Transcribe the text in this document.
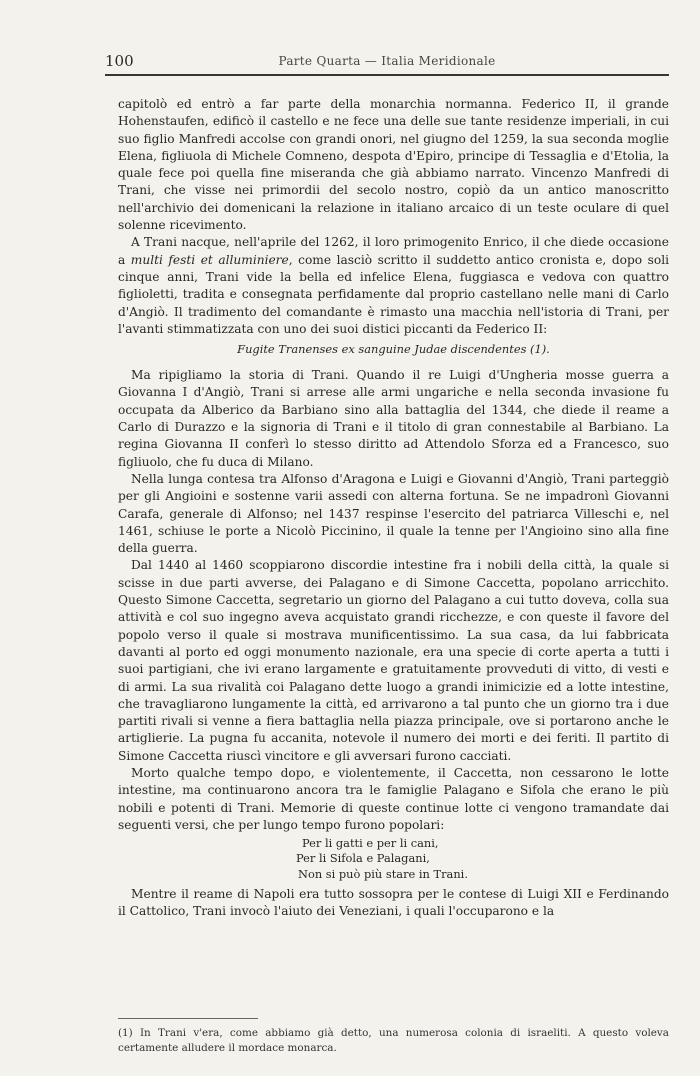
100	Parte Quarta — Italia Meridionale

capitolò ed entrò a far parte della monarchia normanna. Federico II, il grande Hohenstaufen, edificò il castello e ne fece una delle sue tante residenze imperiali, in cui suo figlio Manfredi accolse con grandi onori, nel giugno del 1259, la sua seconda moglie Elena, figliuola di Michele Comneno, despota d'Epiro, principe di Tessaglia e d'Etolia, la quale fece poi quella fine miseranda che già abbiamo narrato. Vincenzo Manfredi di Trani, che visse nei primordii del secolo nostro, copiò da un antico manoscritto nell'archivio dei domenicani la relazione in italiano arcaico di un teste oculare di quel solenne ricevimento.

A Trani nacque, nell'aprile del 1262, il loro primogenito Enrico, il che diede occasione a multi festi et alluminiere, come lasciò scritto il suddetto antico cronista e, dopo soli cinque anni, Trani vide la bella ed infelice Elena, fuggiasca e vedova con quattro figlioletti, tradita e consegnata perfidamente dal proprio castellano nelle mani di Carlo d'Angiò. Il tradimento del comandante è rimasto una macchia nell'istoria di Trani, per l'avanti stimmatizzata con uno dei suoi distici piccanti da Federico II:

Fugite Tranenses ex sanguine Judae discendentes (1).

Ma ripigliamo la storia di Trani. Quando il re Luigi d'Ungheria mosse guerra a Giovanna I d'Angiò, Trani si arrese alle armi ungariche e nella seconda invasione fu occupata da Alberico da Barbiano sino alla battaglia del 1344, che diede il reame a Carlo di Durazzo e la signoria di Trani e il titolo di gran connestabile al Barbiano. La regina Giovanna II conferì lo stesso diritto ad Attendolo Sforza ed a Francesco, suo figliuolo, che fu duca di Milano.

Nella lunga contesa tra Alfonso d'Aragona e Luigi e Giovanni d'Angiò, Trani parteggiò per gli Angioini e sostenne varii assedi con alterna fortuna. Se ne impadronì Giovanni Carafa, generale di Alfonso; nel 1437 respinse l'esercito del patriarca Villeschi e, nel 1461, schiuse le porte a Nicolò Piccinino, il quale la tenne per l'Angioino sino alla fine della guerra.

Dal 1440 al 1460 scoppiarono discordie intestine fra i nobili della città, la quale si scisse in due parti avverse, dei Palagano e di Simone Caccetta, popolano arricchito. Questo Simone Caccetta, segretario un giorno del Palagano a cui tutto doveva, colla sua attività e col suo ingegno aveva acquistato grandi ricchezze, e con queste il favore del popolo verso il quale si mostrava munificentissimo. La sua casa, da lui fabbricata davanti al porto ed oggi monumento nazionale, era una specie di corte aperta a tutti i suoi partigiani, che ivi erano largamente e gratuitamente provveduti di vitto, di vesti e di armi. La sua rivalità coi Palagano dette luogo a grandi inimicizie ed a lotte intestine, che travagliarono lungamente la città, ed arrivarono a tal punto che un giorno tra i due partiti rivali si venne a fiera battaglia nella piazza principale, ove si portarono anche le artiglierie. La pugna fu accanita, notevole il numero dei morti e dei feriti. Il partito di Simone Caccetta riuscì vincitore e gli avversari furono cacciati.

Morto qualche tempo dopo, e violentemente, il Caccetta, non cessarono le lotte intestine, ma continuarono ancora tra le famiglie Palagano e Sifola che erano le più nobili e potenti di Trani. Memorie di queste continue lotte ci vengono tramandate dai seguenti versi, che per lungo tempo furono popolari:

Per li gatti e per li cani,
Per li Sifola e Palagani,
Non si può più stare in Trani.

Mentre il reame di Napoli era tutto sossopra per le contese di Luigi XII e Ferdinando il Cattolico, Trani invocò l'aiuto dei Veneziani, i quali l'occuparono e la

(1) In Trani v'era, come abbiamo già detto, una numerosa colonia di israeliti. A questo voleva certamente alludere il mordace monarca.
